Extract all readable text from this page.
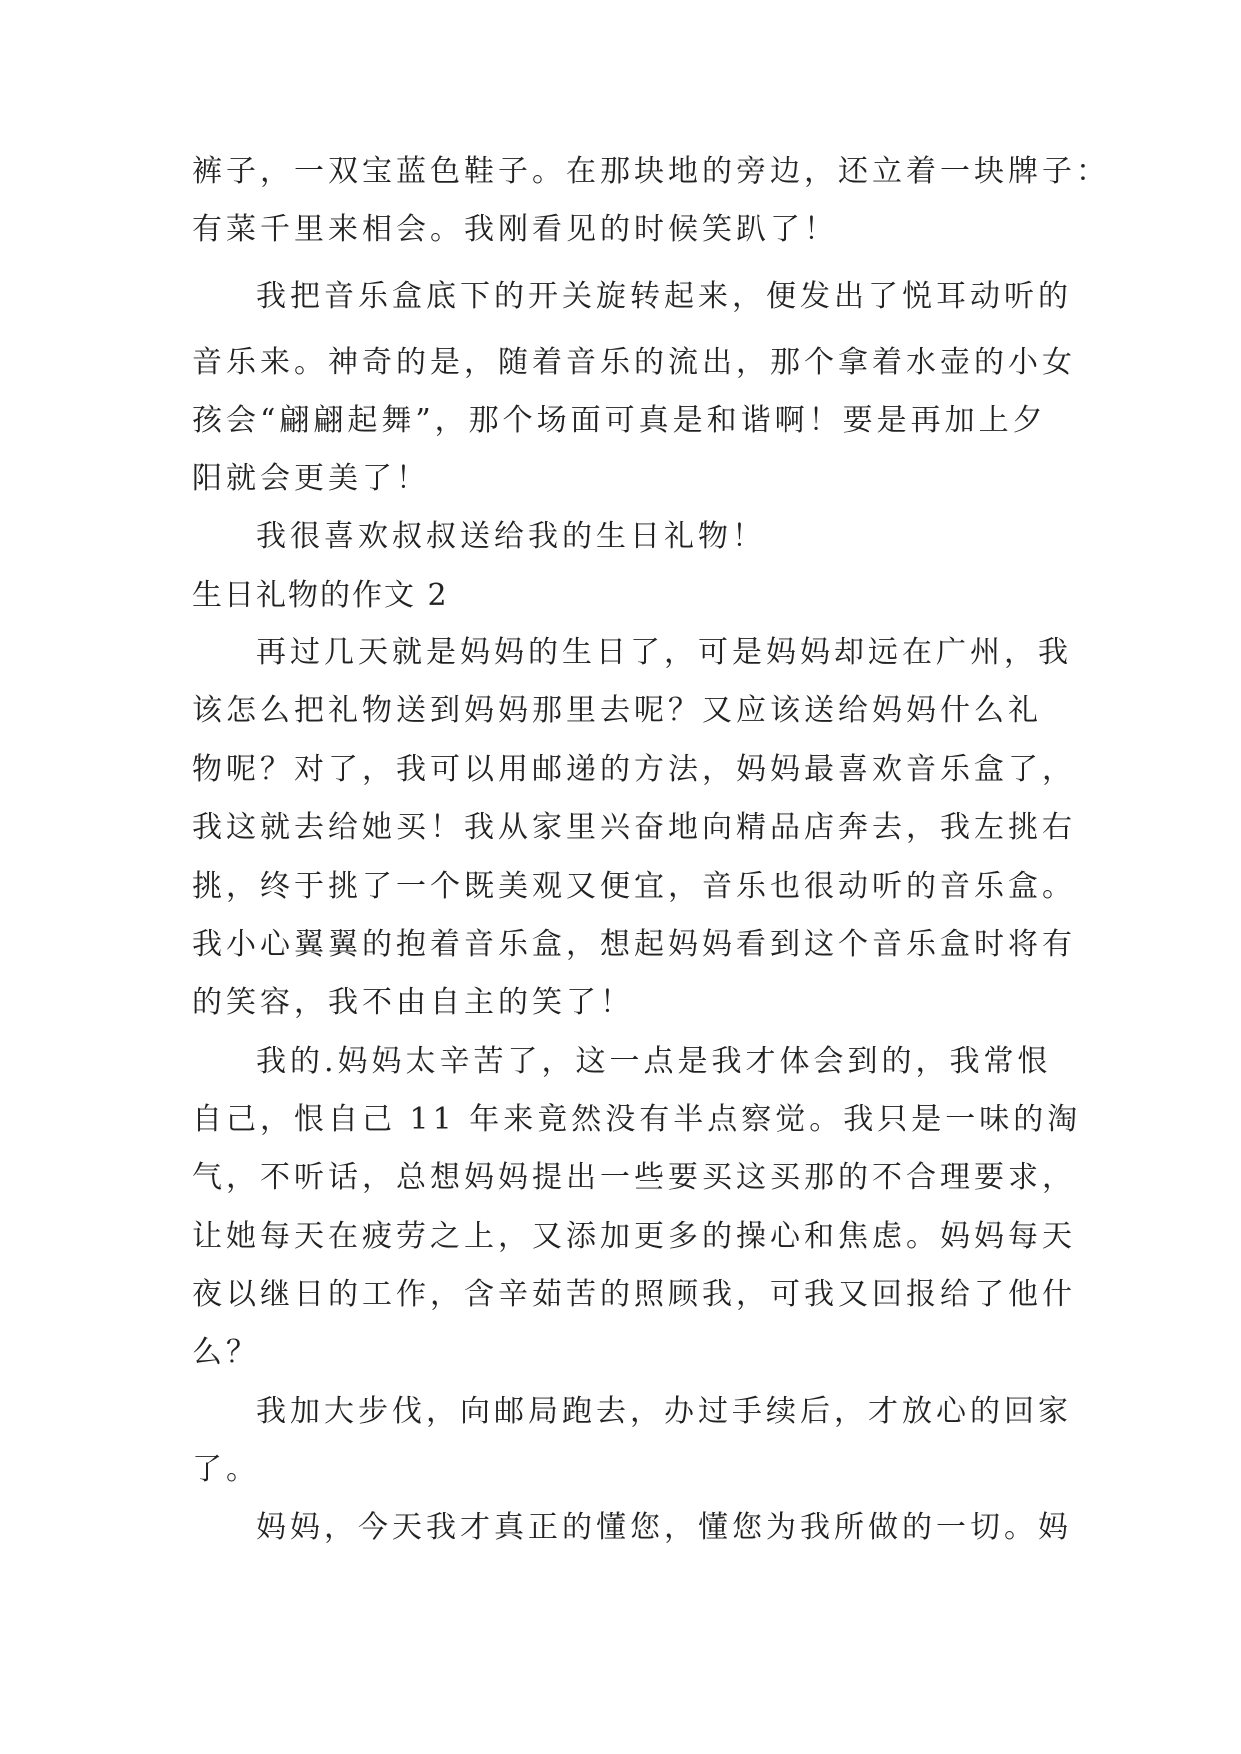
裤子，一双宝蓝色鞋子。在那块地的旁边，还立着一块牌子：
有菜千里来相会。我刚看见的时候笑趴了！
我把音乐盒底下的开关旋转起来，便发出了悦耳动听的
音乐来。神奇的是，随着音乐的流出，那个拿着水壶的小女
孩会“翩翩起舞”，那个场面可真是和谐啊！要是再加上夕
阳就会更美了！
我很喜欢叔叔送给我的生日礼物！
生日礼物的作文 2
再过几天就是妈妈的生日了，可是妈妈却远在广州，我
该怎么把礼物送到妈妈那里去呢？又应该送给妈妈什么礼
物呢？对了，我可以用邮递的方法，妈妈最喜欢音乐盒了，
我这就去给她买！我从家里兴奋地向精品店奔去，我左挑右
挑，终于挑了一个既美观又便宜，音乐也很动听的音乐盒。
我小心翼翼的抱着音乐盒，想起妈妈看到这个音乐盒时将有
的笑容，我不由自主的笑了！
我的.妈妈太辛苦了，这一点是我才体会到的，我常恨
自己，恨自己 11 年来竟然没有半点察觉。我只是一味的淘
气，不听话，总想妈妈提出一些要买这买那的不合理要求，
让她每天在疲劳之上，又添加更多的操心和焦虑。妈妈每天
夜以继日的工作，含辛茹苦的照顾我，可我又回报给了他什
么？
我加大步伐，向邮局跑去，办过手续后，才放心的回家
了。
妈妈，今天我才真正的懂您，懂您为我所做的一切。妈
